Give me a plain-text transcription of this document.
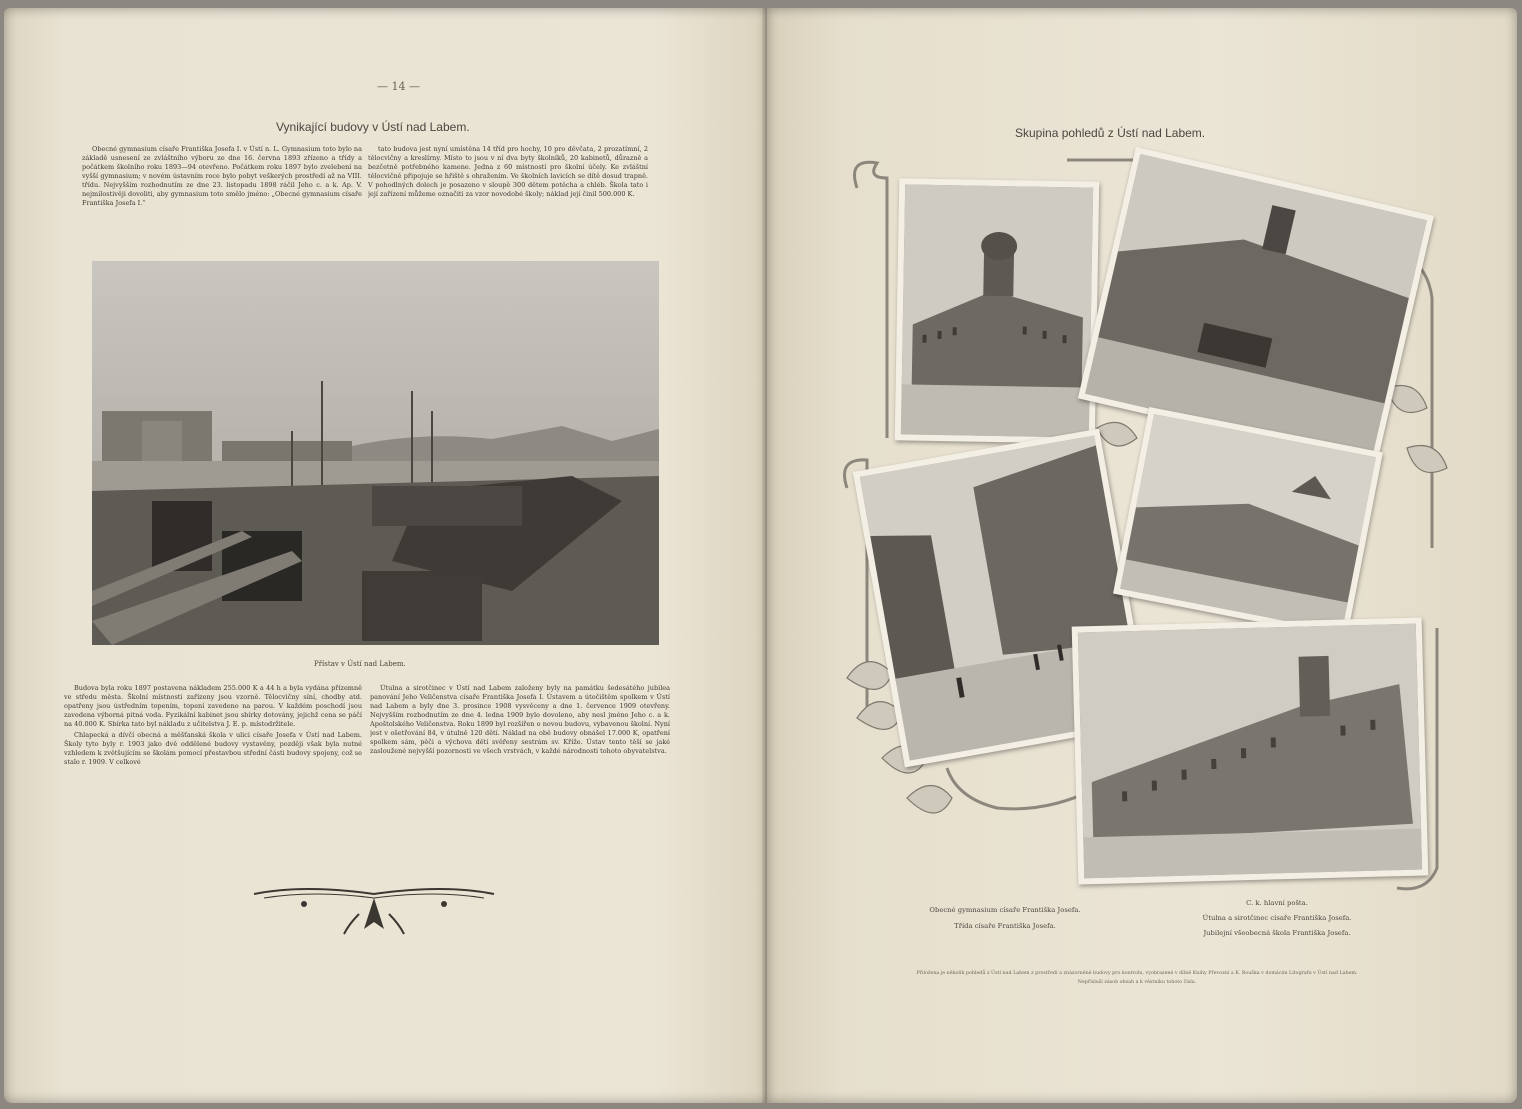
— 14 —
Vynikající budovy v Ústí nad Labem.

Obecné gymnasium císaře Františka Josefa I. v Ústí n. L. Gymnasium toto bylo na základě usnesení ze zvláštního výboru ze dne 16. června 1893 zřízeno a třídy a počátkem školního roku 1893—94 otevřeno. Počátkem roku 1897 bylo zvelebení na vyšší gymnasium; v novém ústavním roce bylo pobyt veškerých prostředí až na VIII. třídu. Nejvyšším rozhodnutím ze dne 23. listopadu 1898 ráčil Jeho c. a k. Ap. V. nejmilostivěji dovoliti, aby gymnasium toto smělo jméno: „Obecné gymnasium císaře Františka Josefa I.“

tato budova jest nyní umístěna 14 tříd pro hochy, 10 pro děvčata, 2 prozatímní, 2 tělocvičny a kreslírny. Místo to jsou v ní dva byty školníků, 20 kabinetů, důrazně a bezčetně potřebného kamene. Jedna z 60 místností pro školní účely. Ke zvláštní tělocvičně připojuje se hřiště s ohražením. Ve školních lavicích se dítě dosud trapně. V pohodlných dolech je posazeno v sloupě 300 dětem potěcha a chléb. Škola tato i její zařízení můžeme označiti za vzor novodobé školy; náklad její činil 500.000 K.

Přístav v Ústí nad Labem.

Budova byla roku 1897 postavena nákladem 255.000 K a 44 h a byla vydána přízemně ve středu města. Školní místnosti zařízeny jsou vzorně. Tělocvičny síní, chodby atd. opatřeny jsou ústředním topením, topení zavedeno na parou. V každém poschodí jsou zavedena výborná pitná voda. Fyzikální kabinet jsou sbírky dotovány, jejichž cena se páčí na 40.000 K. Sbírka tato byl nákladu z učitelstva J. E. p. místodržitele.

Chlapecká a dívčí obecná a měšťanská škola v ulici císaře Josefa v Ústí nad Labem. Školy tyto byly r. 1903 jako dvě oddělené budovy vystavěny, později však byla nutné vzhledem k zvětšujícím se školám pomocí přestavbou střední části budovy spojeny, což se stalo r. 1909. V celkové

Útulna a sirotčinec v Ústí nad Labem založeny byly na památku šedesátého jubilea panování Jeho Veličenstva císaře Františka Josefa I. Ústavem a útočištěm spolkem v Ústí nad Labem a byly dne 3. prosince 1908 vysvěceny a dne 1. července 1909 otevřeny. Nejvyšším rozhodnutím ze dne 4. ledna 1909 bylo dovoleno, aby nesl jméno Jeho c. a k. Apoštolského Veličenstva. Roku 1899 byl rozšířen o novou budovu, vybavenou školní. Nyní jest v ošetřování 84, v útulně 120 dětí. Náklad na obě budovy obnášel 17.000 K, opatření spolkem sám, pěči a výchova dětí svěřeny sestrám sv. Kříže. Ústav tento těší se jaké zasloužené nejvyšší pozornosti ve všech vrstvách, v každé národnosti tohoto obyvatelstva.

Skupina pohledů z Ústí nad Labem.
Obecné gymnasium císaře Františka Josefa.
Třída císaře Františka Josefa.
C. k. hlavní pošta.
Útulna a sirotčinec císaře Františka Josefa.
Jubilejní všeobecná škola Františka Josefa.
Přiložena je několik pohledů z Ústí nad Labem z prostředí a znázorněné budovy pro kontrolu, vyobrazené v dílně Knihy Převozní a K. Bouška v domácím Litografu v Ústí nad Labem.
Nepřísluší zásob obsah a k věstníku tohoto čísla.
